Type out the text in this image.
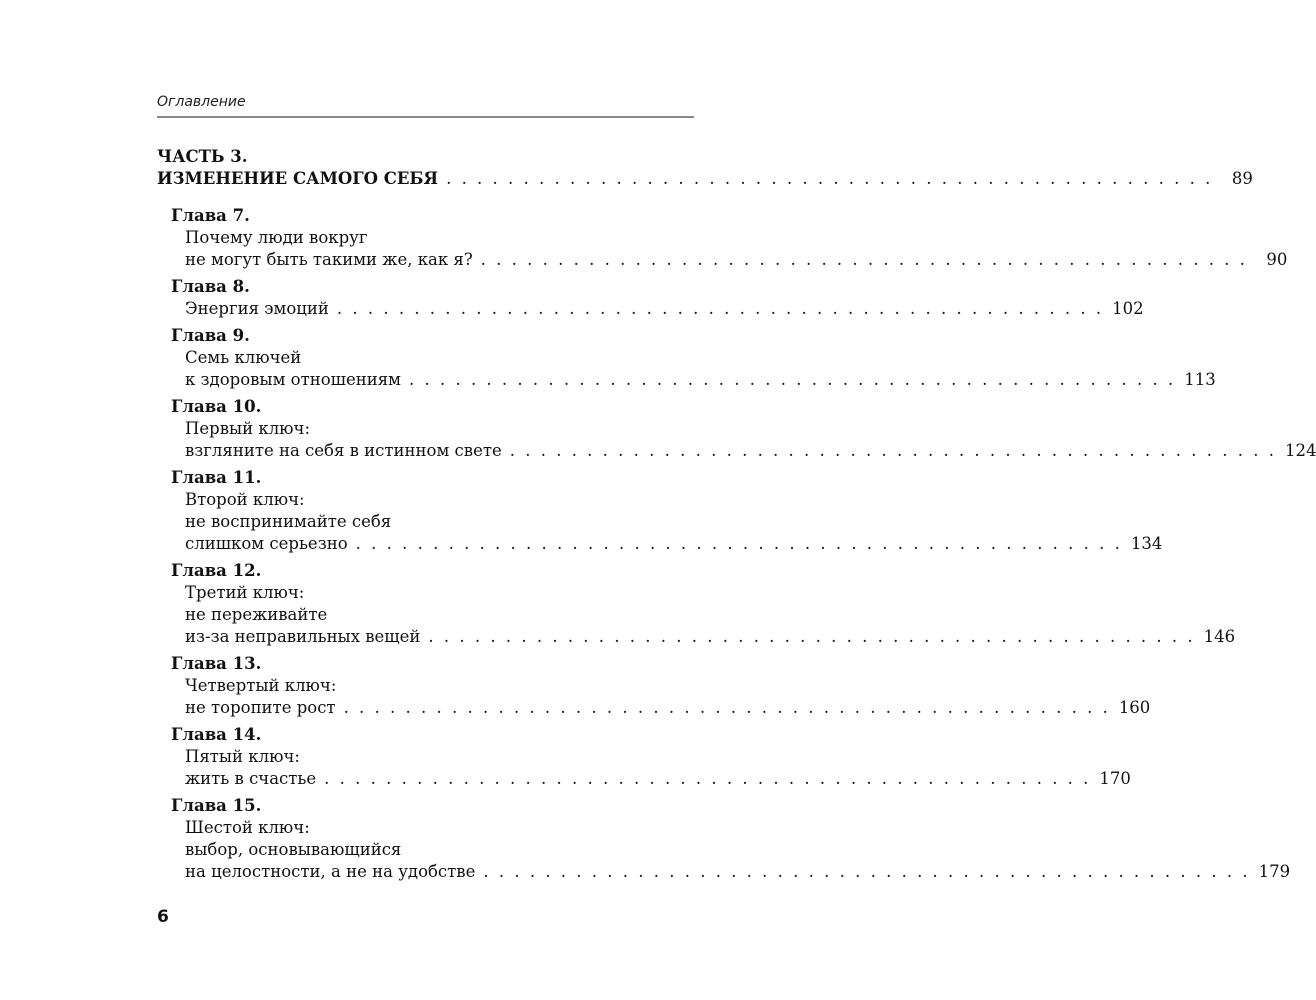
Оглавление
ЧАСТЬ 3.
ИЗМЕНЕНИЕ САМОГО СЕБЯ . . . . . . . . . . . . . . . . . . . . . . . . . . . . . . . . . . . . . . . . . . . . . . . . . .	89
Глава 7.
Почему люди вокруг
не могут быть такими же, как я? . . . . . . . . . . . . . . . . . . . . . . . . . . . . . . . . . . . . . . . . . . . . . . . . . .	90
Глава 8.
Энергия эмоций . . . . . . . . . . . . . . . . . . . . . . . . . . . . . . . . . . . . . . . . . . . . . . . . . . 102
Глава 9.
Семь ключей
к здоровым отношениям . . . . . . . . . . . . . . . . . . . . . . . . . . . . . . . . . . . . . . . . . . . . . . . . . . 113
Глава 10.
Первый ключ:
взгляните на себя в истинном свете . . . . . . . . . . . . . . . . . . . . . . . . . . . . . . . . . . . . . . . . . . . . . . . . . . 124
Глава 11.
Второй ключ:
не воспринимайте себя
слишком серьезно . . . . . . . . . . . . . . . . . . . . . . . . . . . . . . . . . . . . . . . . . . . . . . . . . . 134
Глава 12.
Третий ключ:
не переживайте
из-за неправильных вещей . . . . . . . . . . . . . . . . . . . . . . . . . . . . . . . . . . . . . . . . . . . . . . . . . . 146
Глава 13.
Четвертый ключ:
не торопите рост . . . . . . . . . . . . . . . . . . . . . . . . . . . . . . . . . . . . . . . . . . . . . . . . . . 160
Глава 14.
Пятый ключ:
жить в счастье . . . . . . . . . . . . . . . . . . . . . . . . . . . . . . . . . . . . . . . . . . . . . . . . . . 170
Глава 15.
Шестой ключ:
выбор, основывающийся
на целостности, а не на удобстве . . . . . . . . . . . . . . . . . . . . . . . . . . . . . . . . . . . . . . . . . . . . . . . . . . 179
6
